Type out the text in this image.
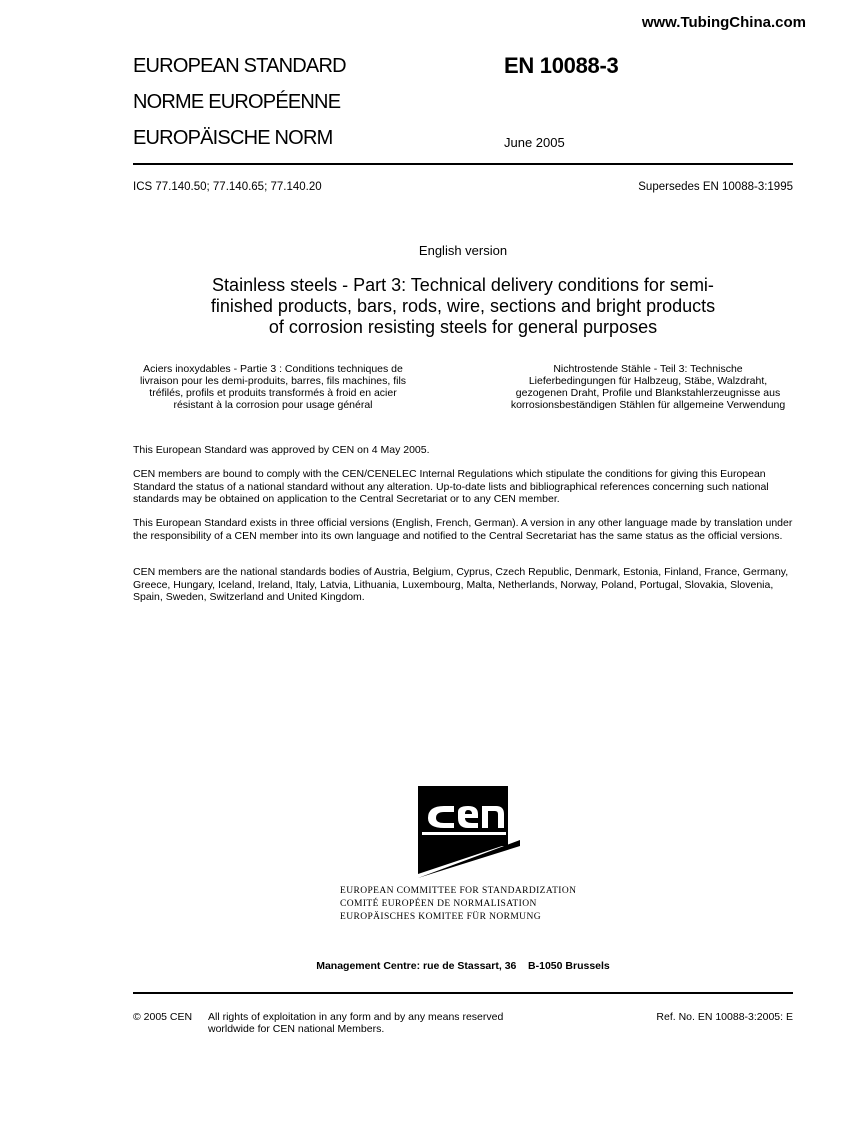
www.TubingChina.com
EUROPEAN STANDARD
NORME EUROPÉENNE
EUROPÄISCHE NORM
EN 10088-3
June 2005
ICS 77.140.50; 77.140.65; 77.140.20	Supersedes EN 10088-3:1995
English version
Stainless steels - Part 3: Technical delivery conditions for semi-
finished products, bars, rods, wire, sections and bright products
of corrosion resisting steels for general purposes
Aciers inoxydables - Partie 3 : Conditions techniques de
livraison pour les demi-produits, barres, fils machines, fils
tréfilés, profils et produits transformés à froid en acier
résistant à la corrosion pour usage général
Nichtrostende Stähle - Teil 3: Technische
Lieferbedingungen für Halbzeug, Stäbe, Walzdraht,
gezogenen Draht, Profile und Blankstahlerzeugnisse aus
korrosionsbeständigen Stählen für allgemeine Verwendung
This European Standard was approved by CEN on 4 May 2005.
CEN members are bound to comply with the CEN/CENELEC Internal Regulations which stipulate the conditions for giving this European Standard the status of a national standard without any alteration. Up-to-date lists and bibliographical references concerning such national standards may be obtained on application to the Central Secretariat or to any CEN member.
This European Standard exists in three official versions (English, French, German). A version in any other language made by translation under the responsibility of a CEN member into its own language and notified to the Central Secretariat has the same status as the official versions.
CEN members are the national standards bodies of Austria, Belgium, Cyprus, Czech Republic, Denmark, Estonia, Finland, France, Germany, Greece, Hungary, Iceland, Ireland, Italy, Latvia, Lithuania, Luxembourg, Malta, Netherlands, Norway, Poland, Portugal, Slovakia, Slovenia, Spain, Sweden, Switzerland and United Kingdom.
EUROPEAN COMMITTEE FOR STANDARDIZATION
COMITÉ EUROPÉEN DE NORMALISATION
EUROPÄISCHES KOMITEE FÜR NORMUNG
Management Centre: rue de Stassart, 36    B-1050 Brussels
© 2005 CEN All rights of exploitation in any form and by any means reserved
worldwide for CEN national Members.
Ref. No. EN 10088-3:2005: E
